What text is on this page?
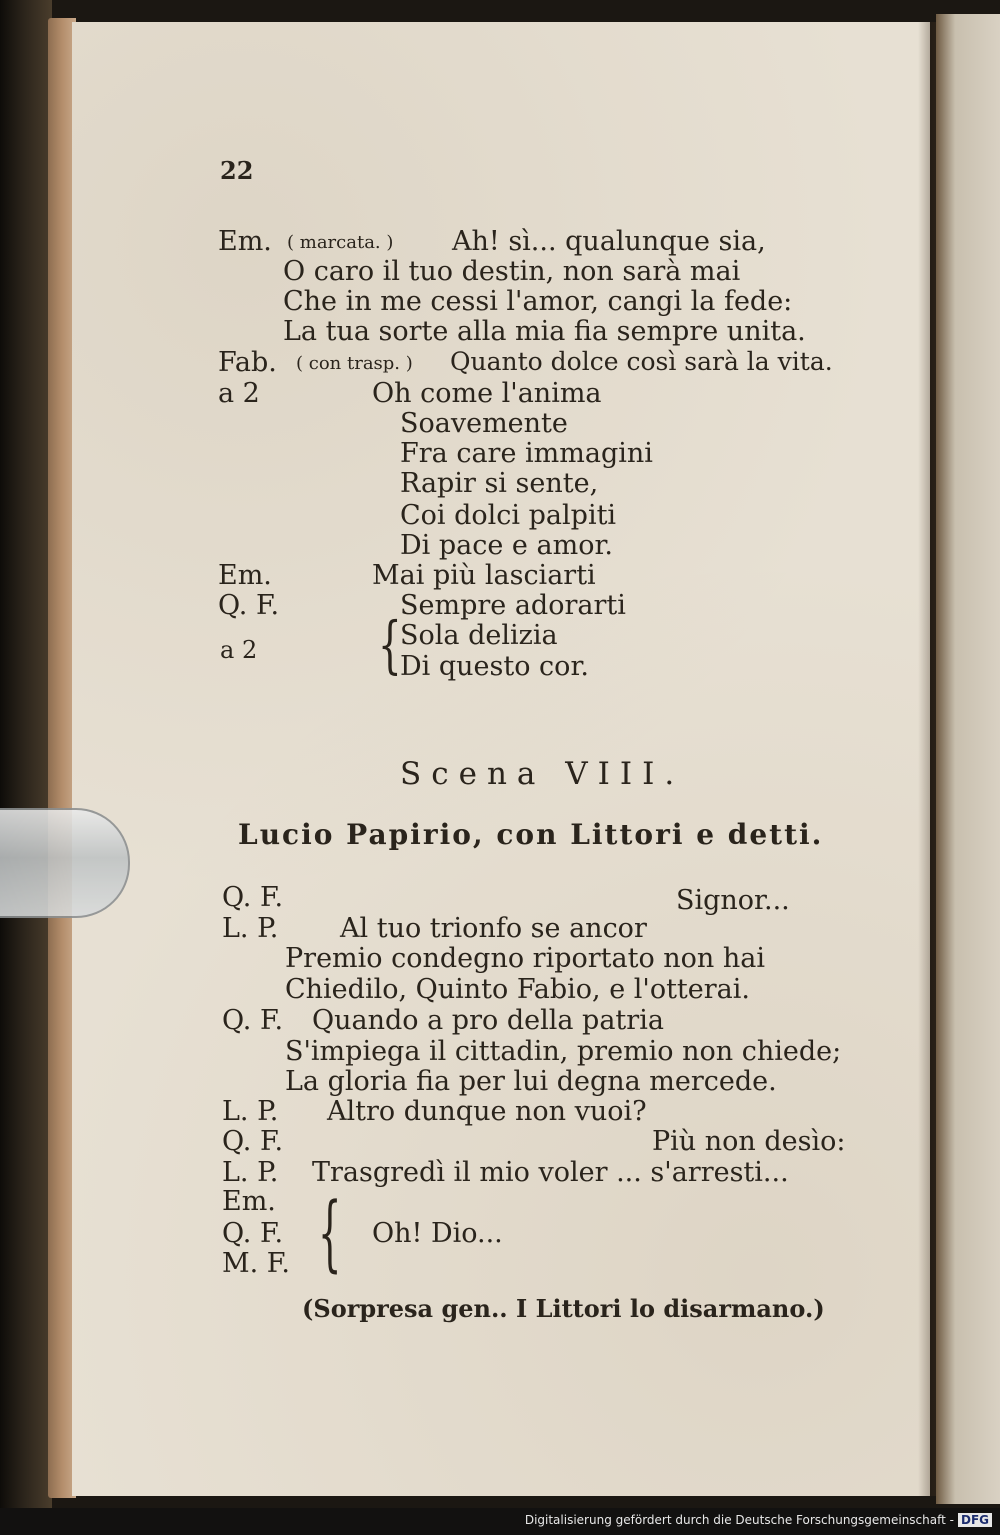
22
Em. ( marcata. ) Ah! sì... qualunque sia,
O caro il tuo destin, non sarà mai
Che in me cessi l'amor, cangi la fede:
La tua sorte alla mia fia sempre unita.
Fab. ( con trasp. ) Quanto dolce così sarà la vita.
a 2	Oh come l'anima
Soavemente
Fra care immagini
Rapir si sente,
Coi dolci palpiti
Di pace e amor.
Em.	Mai più lasciarti
Q. F.	Sempre adorarti
a 2 {
Sola delizia
Di questo cor.
Scena VIII.
Lucio Papirio, con Littori e detti.
Q. F.	Signor...
L. P. Al tuo trionfo se ancor
Premio condegno riportato non hai
Chiedilo, Quinto Fabio, e l'otterai.
Q. F. Quando a pro della patria
S'impiega il cittadin, premio non chiede;
La gloria fia per lui degna mercede.
L. P. Altro dunque non vuoi?
Q. F.	Più non desìo:
L. P. Trasgredì il mio voler ... s'arresti...
Em.
Q. F.
M. F. { Oh! Dio...
(Sorpresa gen.. I Littori lo disarmano.)
Digitalisierung gefördert durch die Deutsche Forschungsgemeinschaft - DFG
